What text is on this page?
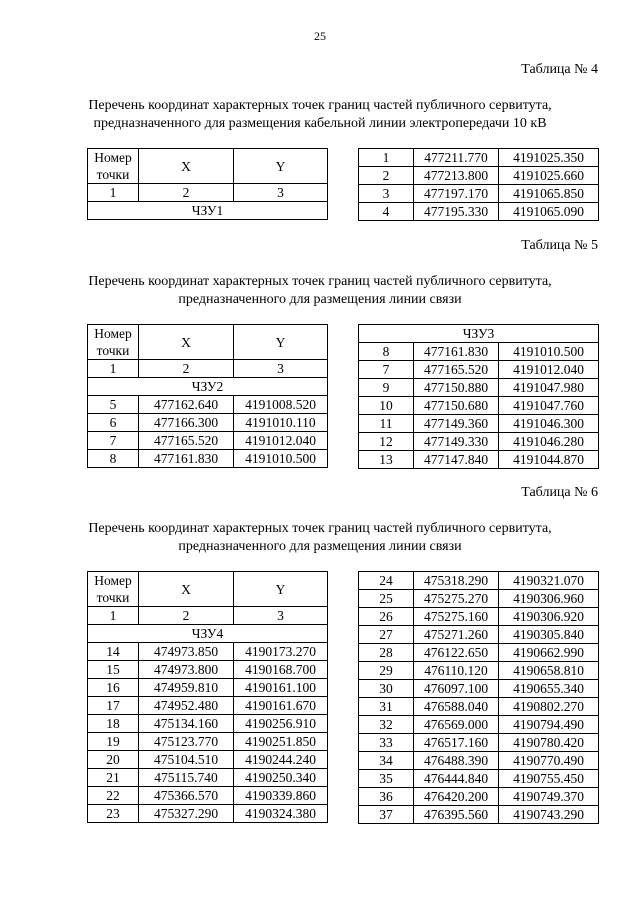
25
Таблица № 4
Перечень координат характерных точек границ частей публичного сервитута,
предназначенного для размещения кабельной линии электропередачи 10 кВ
Номер точки	X	Y
1	2	3
ЧЗУ1		
1	477211.770	4191025.350
2	477213.800	4191025.660
3	477197.170	4191065.850
4	477195.330	4191065.090
Таблица № 5
Перечень координат характерных точек границ частей публичного сервитута,
предназначенного для размещения линии связи
Номер точки	X	Y
1	2	3
ЧЗУ2		
5	477162.640	4191008.520
6	477166.300	4191010.110
7	477165.520	4191012.040
8	477161.830	4191010.500
ЧЗУ3		
8	477161.830	4191010.500
7	477165.520	4191012.040
9	477150.880	4191047.980
10	477150.680	4191047.760
11	477149.360	4191046.300
12	477149.330	4191046.280
13	477147.840	4191044.870
Таблица № 6
Перечень координат характерных точек границ частей публичного сервитута,
предназначенного для размещения линии связи
Номер точки	X	Y
1	2	3
ЧЗУ4		
14	474973.850	4190173.270
15	474973.800	4190168.700
16	474959.810	4190161.100
17	474952.480	4190161.670
18	475134.160	4190256.910
19	475123.770	4190251.850
20	475104.510	4190244.240
21	475115.740	4190250.340
22	475366.570	4190339.860
23	475327.290	4190324.380
24	475318.290	4190321.070
25	475275.270	4190306.960
26	475275.160	4190306.920
27	475271.260	4190305.840
28	476122.650	4190662.990
29	476110.120	4190658.810
30	476097.100	4190655.340
31	476588.040	4190802.270
32	476569.000	4190794.490
33	476517.160	4190780.420
34	476488.390	4190770.490
35	476444.840	4190755.450
36	476420.200	4190749.370
37	476395.560	4190743.290
